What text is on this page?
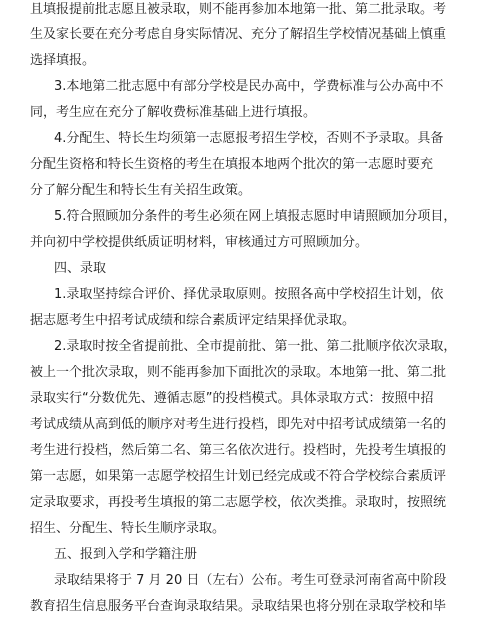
且填报提前批志愿且被录取，则不能再参加本地第一批、第二批录取。考
生及家长要在充分考虑自身实际情况、充分了解招生学校情况基础上慎重
选择填报。
3.本地第二批志愿中有部分学校是民办高中，学费标准与公办高中不
同，考生应在充分了解收费标准基础上进行填报。
4.分配生、特长生均须第一志愿报考招生学校，否则不予录取。具备
分配生资格和特长生资格的考生在填报本地两个批次的第一志愿时要充
分了解分配生和特长生有关招生政策。
5.符合照顾加分条件的考生必须在网上填报志愿时申请照顾加分项目，
并向初中学校提供纸质证明材料，审核通过方可照顾加分。
四、录取
1.录取坚持综合评价、择优录取原则。按照各高中学校招生计划，依
据志愿考生中招考试成绩和综合素质评定结果择优录取。
2.录取时按全省提前批、全市提前批、第一批、第二批顺序依次录取，
被上一个批次录取，则不能再参加下面批次的录取。本地第一批、第二批
录取实行“分数优先、遵循志愿”的投档模式。具体录取方式：按照中招
考试成绩从高到低的顺序对考生进行投档，即先对中招考试成绩第一名的
考生进行投档，然后第二名、第三名依次进行。投档时，先投考生填报的
第一志愿，如果第一志愿学校招生计划已经完成或不符合学校综合素质评
定录取要求，再投考生填报的第二志愿学校，依次类推。录取时，按照统
招生、分配生、特长生顺序录取。
五、报到入学和学籍注册
录取结果将于 7 月 20 日（左右）公布。考生可登录河南省高中阶段
教育招生信息服务平台查询录取结果。录取结果也将分别在录取学校和毕
